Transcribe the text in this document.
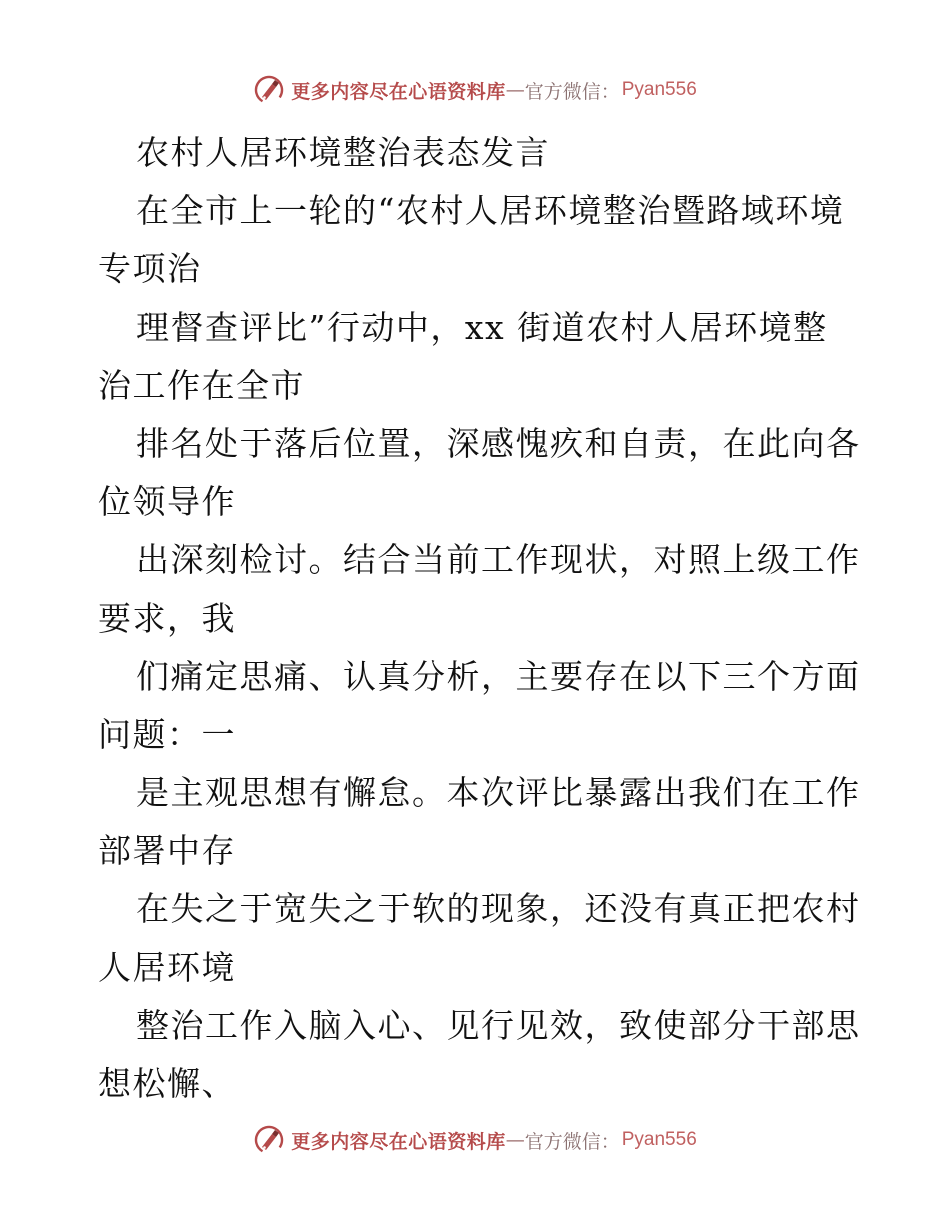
更多内容尽在心语资料库 — 官方微信： Pyan556
农村人居环境整治表态发言
在全市上一轮的“农村人居环境整治暨路域环境
专项治
理督查评比”行动中，xx 街道农村人居环境整
治工作在全市
排名处于落后位置，深感愧疚和自责，在此向各
位领导作
出深刻检讨。结合当前工作现状，对照上级工作
要求，我
们痛定思痛、认真分析，主要存在以下三个方面
问题：一
是主观思想有懈怠。本次评比暴露出我们在工作
部署中存
在失之于宽失之于软的现象，还没有真正把农村
人居环境
整治工作入脑入心、见行见效，致使部分干部思
想松懈、
更多内容尽在心语资料库 — 官方微信： Pyan556
